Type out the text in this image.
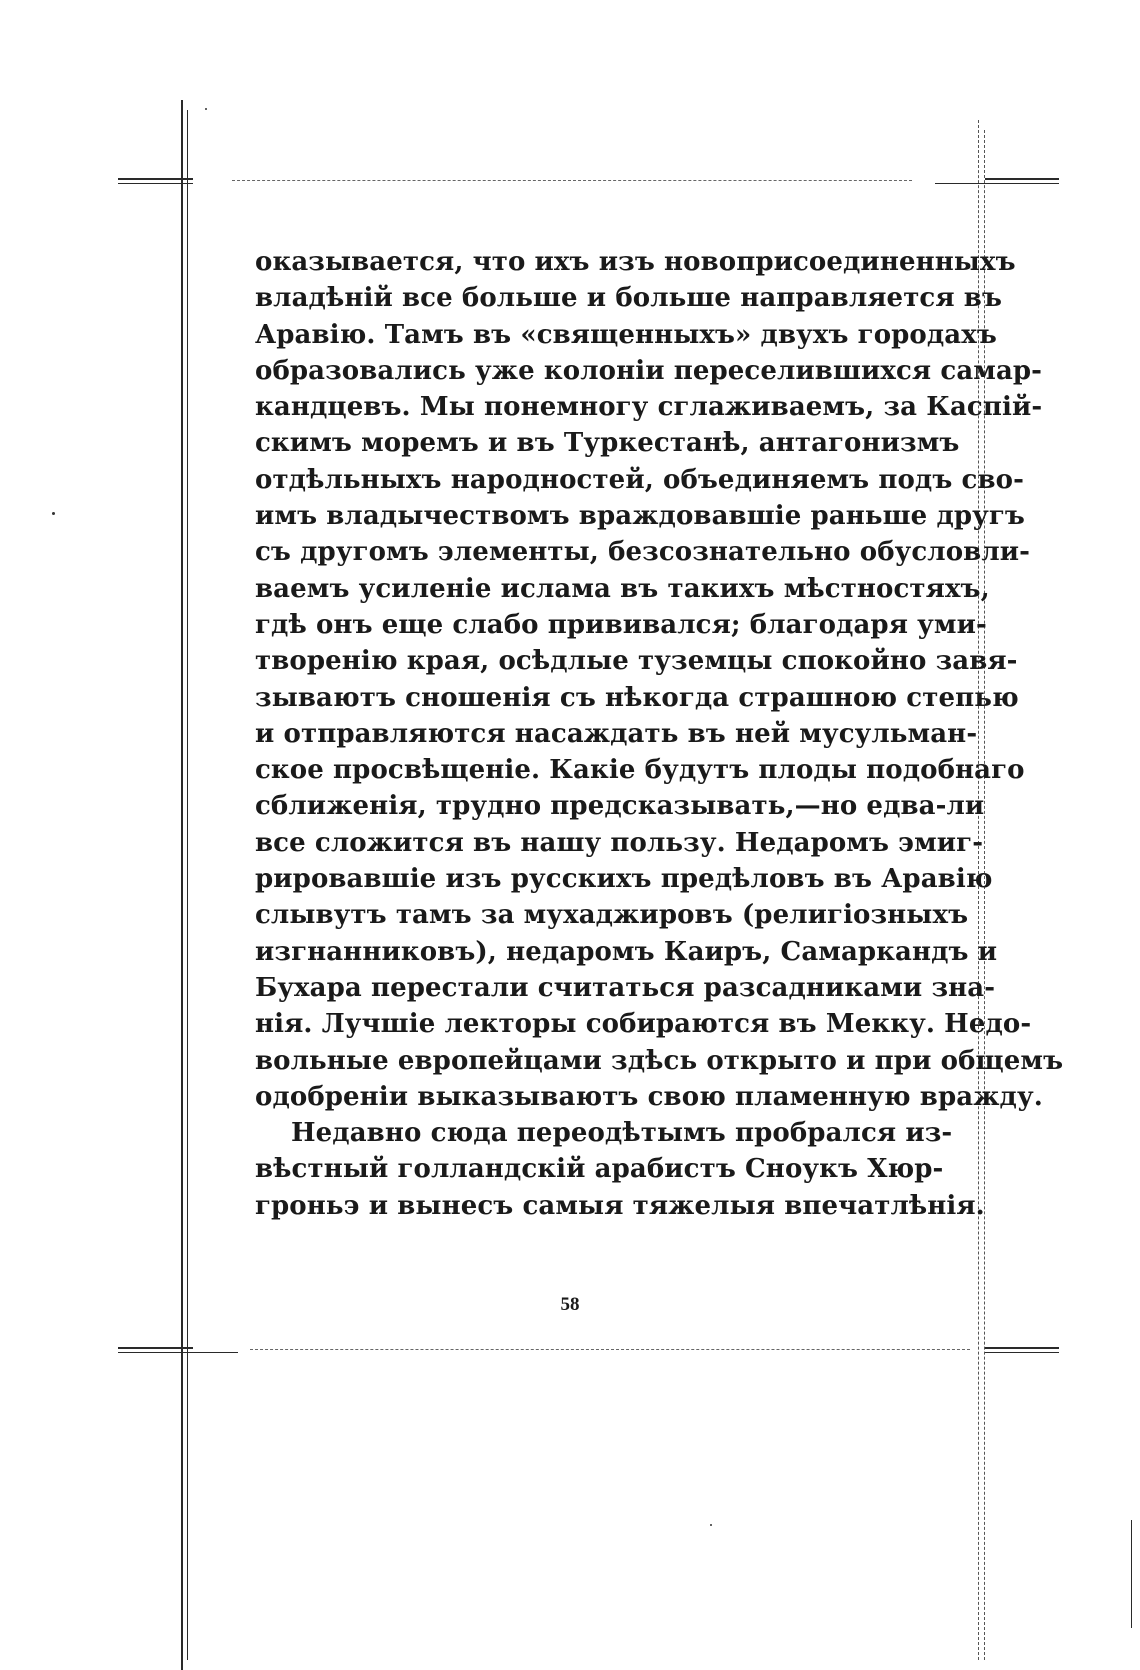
оказывается, что ихъ изъ новоприсоединенныхъ
владѣній все больше и больше направляется въ
Аравію. Тамъ въ «священныхъ» двухъ городахъ
образовались уже колоніи переселившихся самар-
кандцевъ. Мы понемногу сглаживаемъ, за Каспій-
скимъ моремъ и въ Туркестанѣ, антагонизмъ
отдѣльныхъ народностей, объединяемъ подъ сво-
имъ владычествомъ враждовавшіе раньше другъ
съ другомъ элементы, безсознательно обусловли-
ваемъ усиленіе ислама въ такихъ мѣстностяхъ,
гдѣ онъ еще слабо прививался; благодаря уми-
творенію края, осѣдлые туземцы спокойно завя-
зываютъ сношенія съ нѣкогда страшною степью
и отправляются насаждать въ ней мусульман-
ское просвѣщеніе. Какіе будутъ плоды подобнаго
сближенія, трудно предсказывать,—но едва-ли
все сложится въ нашу пользу. Недаромъ эмиг-
рировавшіе изъ русскихъ предѣловъ въ Аравію
слывутъ тамъ за мухаджировъ (религіозныхъ
изгнанниковъ), недаромъ Каиръ, Самаркандъ и
Бухара перестали считаться разсадниками зна-
нія. Лучшіе лекторы собираются въ Мекку. Недо-
вольные европейцами здѣсь открыто и при общемъ
одобреніи выказываютъ свою пламенную вражду.
Недавно сюда переодѣтымъ пробрался из-
вѣстный голландскій арабистъ Сноукъ Хюр-
гроньэ и вынесъ самыя тяжелыя впечатлѣнія.
58
